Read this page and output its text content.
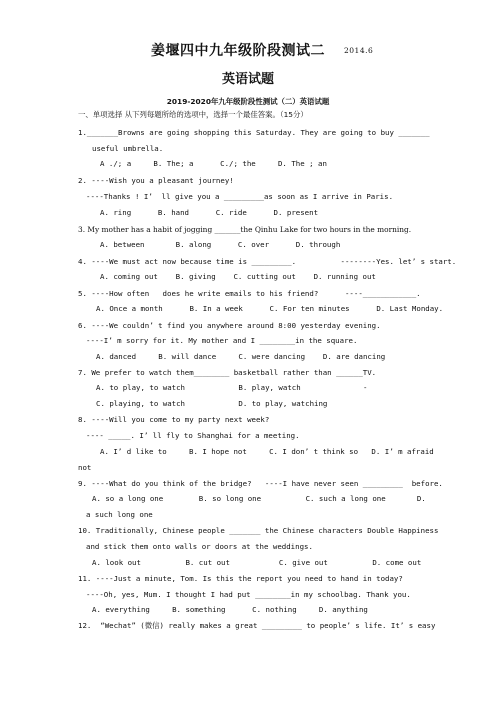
姜堰四中九年级阶段测试二	2014.6
英语试题
2019-2020年九年级阶段性测试（二）英语试题
一、单项选择 从下列每题所给的选项中，选择一个最佳答案。（15分）
1._______Browns are going shopping this Saturday. They are going to buy _______
useful umbrella.
A ./; a     B. The; a      C./; the     D. The ; an
2. ----Wish you a pleasant journey!
----Thanks ! I’  ll give you a _________as soon as I arrive in Paris.
A. ring      B. hand      C. ride      D. present
3. My mother has a habit of jogging _______the Qinhu Lake for two hours in the morning.
A. between       B. along      C. over      D. through
4. ----We must act now because time is _________.          --------Yes. let’ s start.
A. coming out    B. giving    C. cutting out    D. running out
5. ----How often   does he write emails to his friend?      ----____________.
A. Once a month      B. In a week      C. For ten minutes      D. Last Monday.
6. ----We couldn’ t find you anywhere around 8:00 yesterday evening.
----I’ m sorry for it. My mother and I ________in the square.
A. danced     B. will dance     C. were dancing    D. are dancing
7. We prefer to watch them________ basketball rather than ______TV.
A. to play, to watch            B. play, watch              -
C. playing, to watch            D. to play, watching
8. ----Will you come to my party next week?
---- _____. I’ ll fly to Shanghai for a meeting.
A. I’ d like to     B. I hope not     C. I don’ t think so   D. I’ m afraid
not
9. ----What do you think of the bridge?   ----I have never seen _________  before.
A. so a long one        B. so long one          C. such a long one       D.
a such long one
10. Traditionally, Chinese people _______ the Chinese characters Double Happiness
and stick them onto walls or doors at the weddings.
A. look out          B. cut out           C. give out          D. come out
11. ----Just a minute, Tom. Is this the report you need to hand in today?
----Oh, yes, Mum. I thought I had put ________in my schoolbag. Thank you.
A. everything     B. something      C. nothing     D. anything
12.  “Wechat” (微信) really makes a great _________ to people’ s life. It’ s easy
